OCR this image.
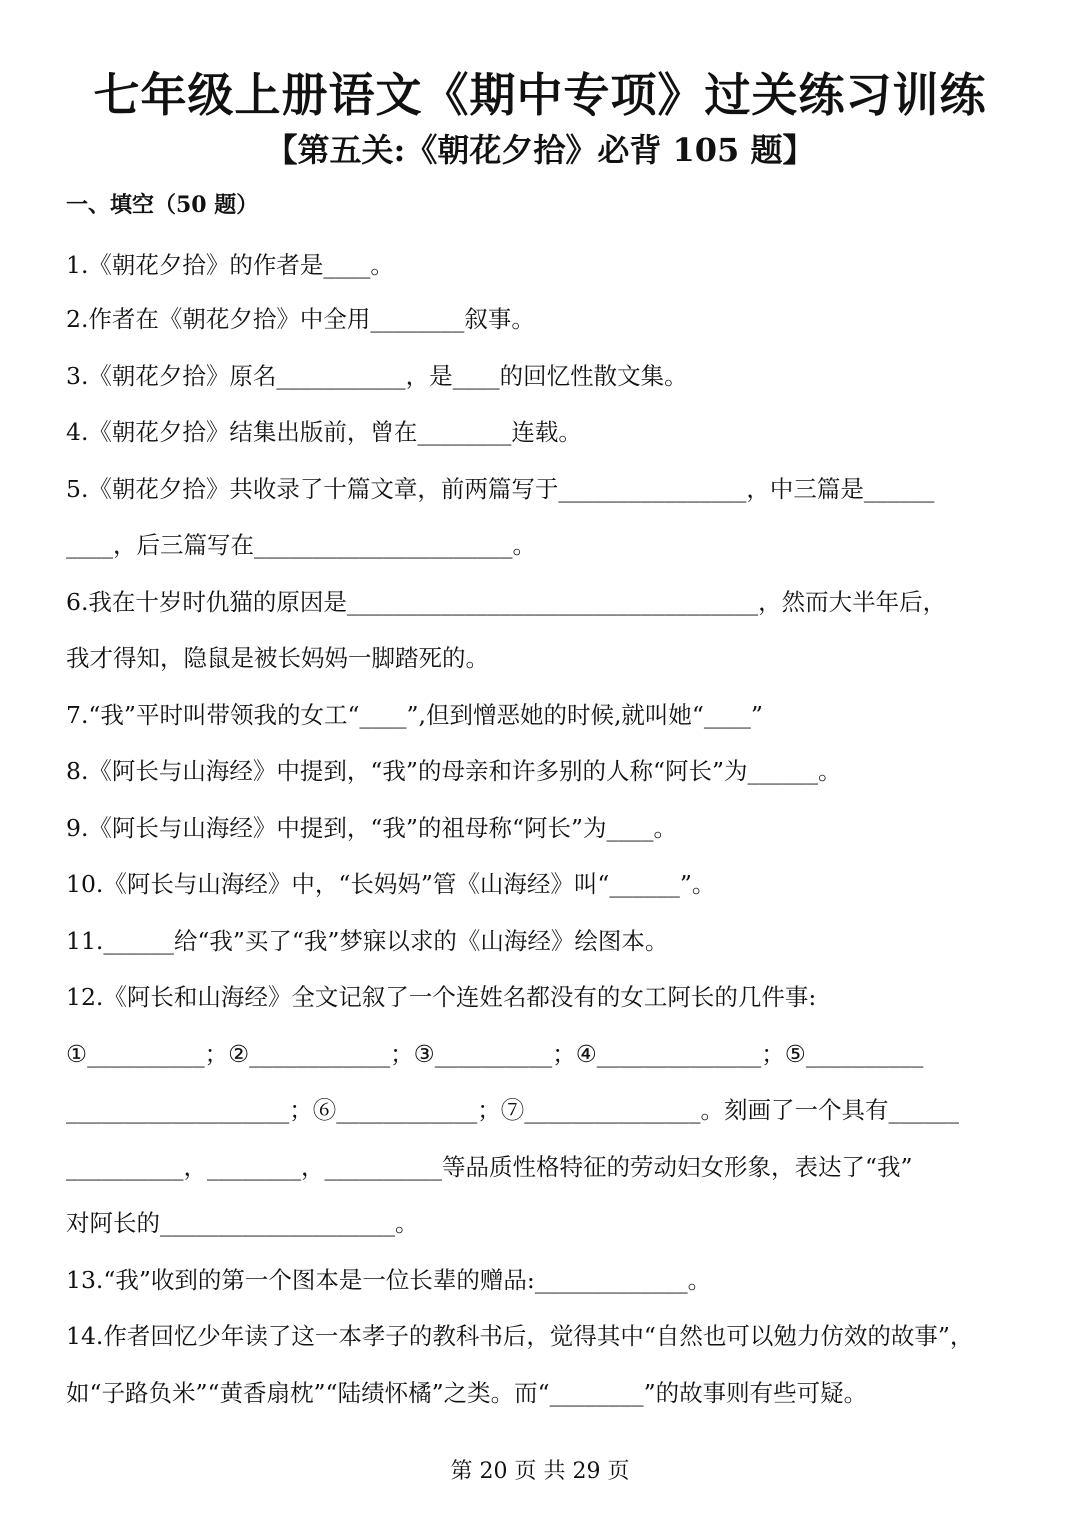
七年级上册语文《期中专项》过关练习训练
【第五关:《朝花夕拾》必背 105 题】
一、填空（50 题）
1.《朝花夕拾》的作者是____。
2.作者在《朝花夕拾》中全用________叙事。
3.《朝花夕拾》原名___________，是____的回忆性散文集。
4.《朝花夕拾》结集出版前，曾在________连载。
5.《朝花夕拾》共收录了十篇文章，前两篇写于________________，中三篇是______
____，后三篇写在______________________。
6.我在十岁时仇猫的原因是___________________________________，然而大半年后，
我才得知，隐鼠是被长妈妈一脚踏死的。
7.“我”平时叫带领我的女工“____”,但到憎恶她的时候,就叫她“____”
8.《阿长与山海经》中提到，“我”的母亲和许多别的人称“阿长”为______。
9.《阿长与山海经》中提到，“我”的祖母称“阿长”为____。
10.《阿长与山海经》中，“长妈妈”管《山海经》叫“______”。
11.______给“我”买了“我”梦寐以求的《山海经》绘图本。
12.《阿长和山海经》全文记叙了一个连姓名都没有的女工阿长的几件事:
①__________；②____________；③__________；④______________；⑤__________
___________________；⑥____________；⑦_______________。刻画了一个具有______
__________，________，__________等品质性格特征的劳动妇女形象，表达了“我”
对阿长的____________________。
13.“我”收到的第一个图本是一位长辈的赠品:_____________。
14.作者回忆少年读了这一本孝子的教科书后，觉得其中“自然也可以勉力仿效的故事”，
如“子路负米”“黄香扇枕”“陆绩怀橘”之类。而“________”的故事则有些可疑。
第 20 页 共 29 页
